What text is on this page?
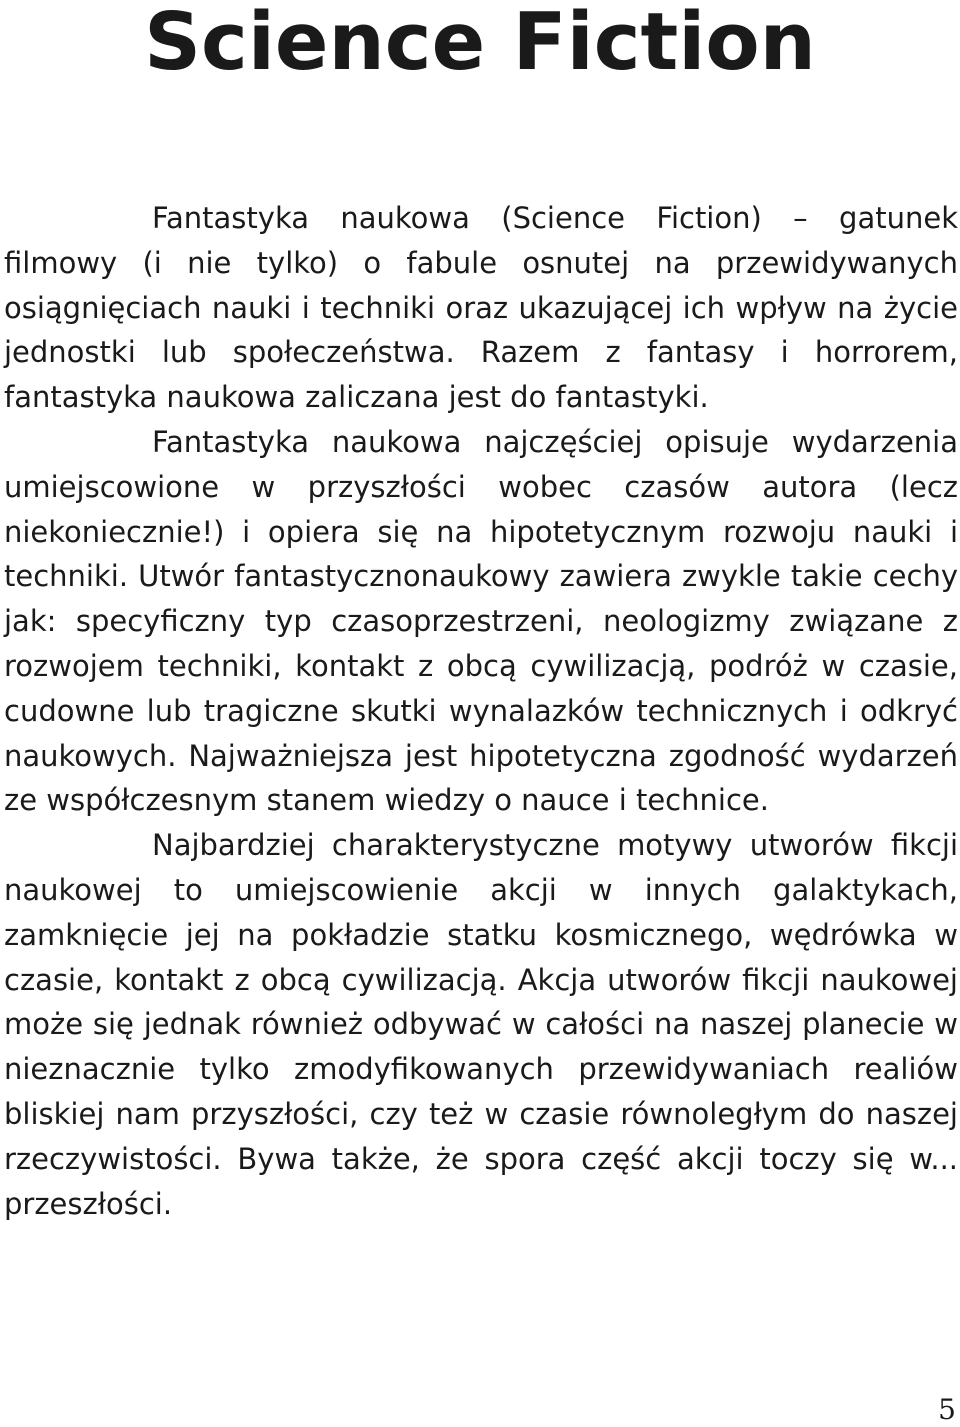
Science Fiction

Fantastyka naukowa (Science Fiction) – gatunek filmowy (i nie tylko) o fabule osnutej na przewidywanych osiągnięciach nauki i techniki oraz ukazującej ich wpływ na życie jednostki lub społeczeństwa. Razem z fantasy i horrorem, fantastyka naukowa zaliczana jest do fantastyki.

Fantastyka naukowa najczęściej opisuje wydarzenia umiejscowione w przyszłości wobec czasów autora (lecz niekoniecznie!) i opiera się na hipotetycznym rozwoju nauki i techniki. Utwór fantastycznonaukowy zawiera zwykle takie cechy jak: specyficzny typ czasoprzestrzeni, neologizmy związane z rozwojem techniki, kontakt z obcą cywilizacją, podróż w czasie, cudowne lub tragiczne skutki wynalazków technicznych i odkryć naukowych. Najważniejsza jest hipotetyczna zgodność wydarzeń ze współczesnym stanem wiedzy o nauce i technice.

Najbardziej charakterystyczne motywy utworów fikcji naukowej to umiejscowienie akcji w innych galaktykach, zamknięcie jej na pokładzie statku kosmicznego, wędrówka w czasie, kontakt z obcą cywilizacją. Akcja utworów fikcji naukowej może się jednak również odbywać w całości na naszej planecie w nieznacznie tylko zmodyfikowanych przewidywaniach realiów bliskiej nam przyszłości, czy też w czasie równoległym do naszej rzeczywistości. Bywa także, że spora część akcji toczy się w... przeszłości.

5
